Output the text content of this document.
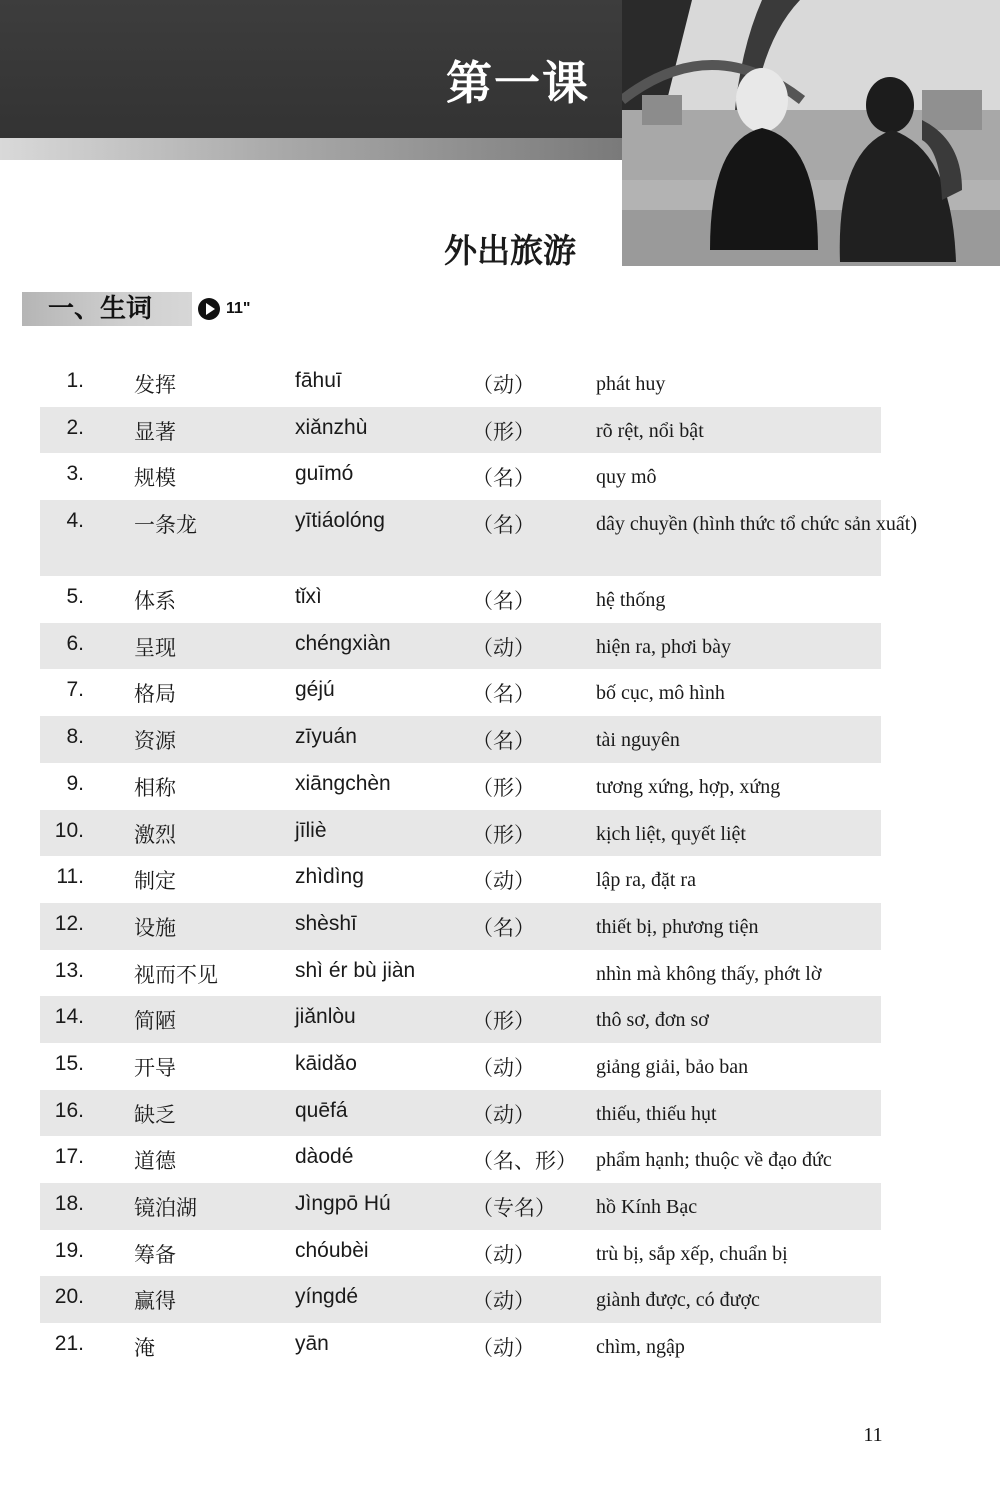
第一课
外出旅游
一、生词	11"
1. 发挥	fāhuī	（动）	phát huy
2. 显著	xiǎnzhù	（形）	rõ rệt, nổi bật
3. 规模	guīmó	（名）	quy mô
4. 一条龙	yītiáolóng	（名）	dây chuyền (hình thức tổ chức sản xuất)
5. 体系	tǐxì	（名）	hệ thống
6. 呈现	chéngxiàn	（动）	hiện ra, phơi bày
7. 格局	géjú	（名）	bố cục, mô hình
8. 资源	zīyuán	（名）	tài nguyên
9. 相称	xiāngchèn	（形）	tương xứng, hợp, xứng
10. 激烈	jīliè	（形）	kịch liệt, quyết liệt
11. 制定	zhìdìng	（动）	lập ra, đặt ra
12. 设施	shèshī	（名）	thiết bị, phương tiện
13. 视而不见	shì ér bù jiàn	nhìn mà không thấy, phớt lờ
14. 简陋	jiǎnlòu	（形）	thô sơ, đơn sơ
15. 开导	kāidǎo	（动）	giảng giải, bảo ban
16. 缺乏	quēfá	（动）	thiếu, thiếu hụt
17. 道德	dàodé	（名、形） phẩm hạnh; thuộc về đạo đức
18. 镜泊湖	Jìngpō Hú	（专名） hồ Kính Bạc
19. 筹备	chóubèi	（动）	trù bị, sắp xếp, chuẩn bị
20. 赢得	yíngdé	（动）	giành được, có được
21. 淹	yān	（动）	chìm, ngập
11
